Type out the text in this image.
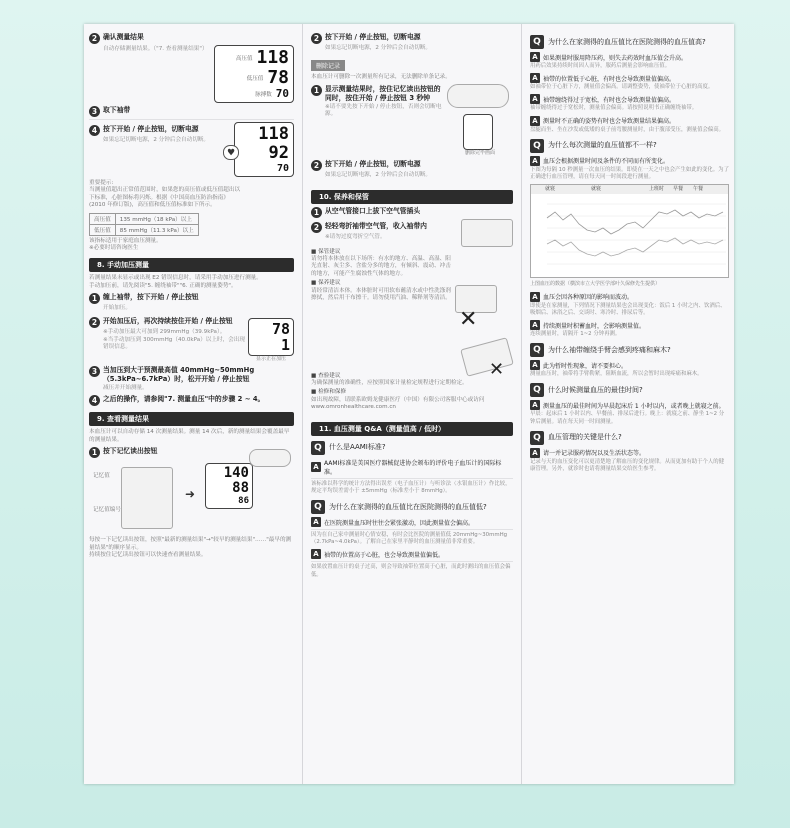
2 确认测量结果
自动存储测量结果。（"7. 查看测量结果"）
高压值 118
低压值 78
脉搏数 70
3 取下袖带
4 按下开始 / 停止按钮，切断电源
如果忘记切断电源，2 分钟后会自动切断。
♥
118
92
70
重要提示:
当测量值超出正常值范围时，如果您的高压值或低压值超出以下标准，心脏图标将闪烁。根据《中国高血压防治指南》(2010 年修订版)，高压值和低压值标准如下所示。
高压值	135 mmHg（18 kPa）以上
低压值	85 mmHg（11.3 kPa）以上
该指标适用于家庭血压测量。
※必要时请咨询医生
8. 手动加压测量
若测量结果未显示或出现 E2 错误信息时，请采用手动加压进行测量。
手动加压前，请先阅读"5. 缠绕袖带""6. 正确的测量姿势"。
1 缠上袖带，按下开始 / 停止按钮
开始加压。
2 开始加压后，再次持续按住开始 / 停止按钮
※手动加压最大可加到 299mmHg（39.9kPa）。
※当手动加压到 300mmHg（40.0kPa）以上时，会出现错误信息。
78
1
显示正在加压
3 当加压到大于预测最高值 40mmHg~50mmHg（5.3kPa~6.7kPa）时，松开开始 / 停止按钮
减压并开始测量。
4 之后的操作，请参阅"7. 测量血压"中的步骤 2 ~ 4。
9. 查看测量结果
本血压计可以自动存储 14 次测量结果。测量 14 次后，新的测量结果会覆盖最早的测量结果。
1 按下记忆读出按钮
记忆值
记忆值编号
➜
140
88
86
每按一下记忆读出按钮，按照"最新的测量结果"→"较早的测量结果"……"最早的测量结果"的顺序显示。
持续按住记忆读出按钮可以快速查看测量结果。
2 按下开始 / 停止按钮，切断电源
如果忘记切断电源，2 分钟后会自动切断。
删除记录
本血压计可删除一次测量所有记录，无法删除单条记录。
1 显示测量结果时，按住记忆读出按钮的同时，按住开始 / 停止按钮 3 秒钟
※请不要先按下开始 / 停止按钮，否则会切断电源。
删除完毕画面
2 按下开始 / 停止按钮，切断电源
如果忘记切断电源，2 分钟后会自动切断。
10. 保养和保管
1 从空气管接口上拔下空气管插头
2 轻轻弯折袖带空气管，收入袖带内
※请勿过度弯折空气管。
■ 保管建议
请勿将本体放在以下场所：有水的地方、高温、高湿、阳光直射、灰尘多、含盐分多的地方，有倾斜、震动、冲击的地方，可能产生腐蚀性气体的地方。
■ 保养建议
请经常清洁本体。本体脏时可用软布蘸清水或中性洗涤剂擦拭，然后用干布擦干。请勿使用汽油、稀释剂等清洁。
✕
✕
■ 查验建议
为确保测量的准确性，应按照国家计量检定规程进行定期检定。
■ 检修和保修
如出现故障，请联系欧姆龙健康医疗（中国）有限公司客服中心或访问 www.omronhealthcare.com.cn
11. 血压测量 Q&A（测量值高 / 低时）
Q	什么是AAMI标准?
A AAMI标准是美国医疗器械促进协会颁布的评价电子血压计的国际标准。
该标准以科学的统计方法得出误差（电子血压计）与听诊法（水银血压计）作比较，规定平均误差需小于 ±5mmHg（标准差小于 8mmHg）。
Q	为什么在家测得的血压值比在医院测得的血压值低?
A 在医院测量血压时往往会紧张激动，因此测量值会偏高。
因为在自己家中测量时心情安稳，有时会比医院的测量值低 20mmHg~30mmHg（2.7kPa~4.0kPa）。了解自己在家里平静时的血压测量值非常重要。
A 袖带的位置高于心脏，也会导致测量值偏低。
如果放置血压计的桌子过高，则会导致袖带位置高于心脏，而此时测出的血压值会偏低。
Q	为什么在家测得的血压值比在医院测得的血压值高?
A 如果测量时服用降压药，则失去药效时血压值会升高。
用药后效果持续时间因人而异，服药后测量会影响血压值。
A 袖带的位置低于心脏，有时也会导致测量值偏高。
如袖带位于心脏下方，测量值会偏高。请调整姿势，使袖带位于心脏的高度。
A 袖带缠绕得过于宽松，有时也会导致测量值偏高。
袖带缠绕得过于宽松时，测量值会偏高。请按照说明书正确缠绕袖带。
A 测量时不正确的姿势有时也会导致测量结果偏高。
盘腿而坐、坐在沙发或低矮的桌子前弯腰测量时，由于腹部受压，测量值会偏高。
Q	为什么每次测量的血压值都不一样?
A 血压会根据测量时间及条件的不同而有所变化。
下图为每隔 10 秒测量一次血压的结果。即使在一天之中也会产生如此的变化。为了正确进行血压管理，请在每天同一时间段进行测量。
就寝	就寝	上班时 早餐 午餐
上图血压的数据（横滨市立大学医学部叶久保修先生提供）
A 血压会因各种原因的影响而波动。
即使是在家测量，下列情况下测量结果也会出现变化：饭后 1 小时之内、饮酒后、吸烟后、沐浴之后、交谈时、寒冷时、排尿后等。
A 持续测量时积蓄血时，会影响测量值。
连续测量时，请隔开 1~2 分钟再测。
Q	为什么袖带缠绕手臂会感到疼痛和麻木?
A 此为暂时性现象，请不要担心。
测量血压时，袖带将手臂勒紧，阻断血流，所以会暂时出现疼痛和麻木。
Q	什么时候测量血压的最佳时间?
A 测量血压的最佳时间为早晨起床后 1 小时以内，或者晚上就寝之前。
早晨：起床后 1 小时以内、早餐前、排尿后进行。晚上：就寝之前、静坐 1~2 分钟后测量。请在每天同一时间测量。
Q	血压管理的关键是什么?
A 请一并记录服药情况以及生活状态等。
记录与天的血压变化可以更清楚地了解血压的变化规律。从而更加有助于个人的健康管理。另外，就诊时也请将测量结果交给医生参考。
